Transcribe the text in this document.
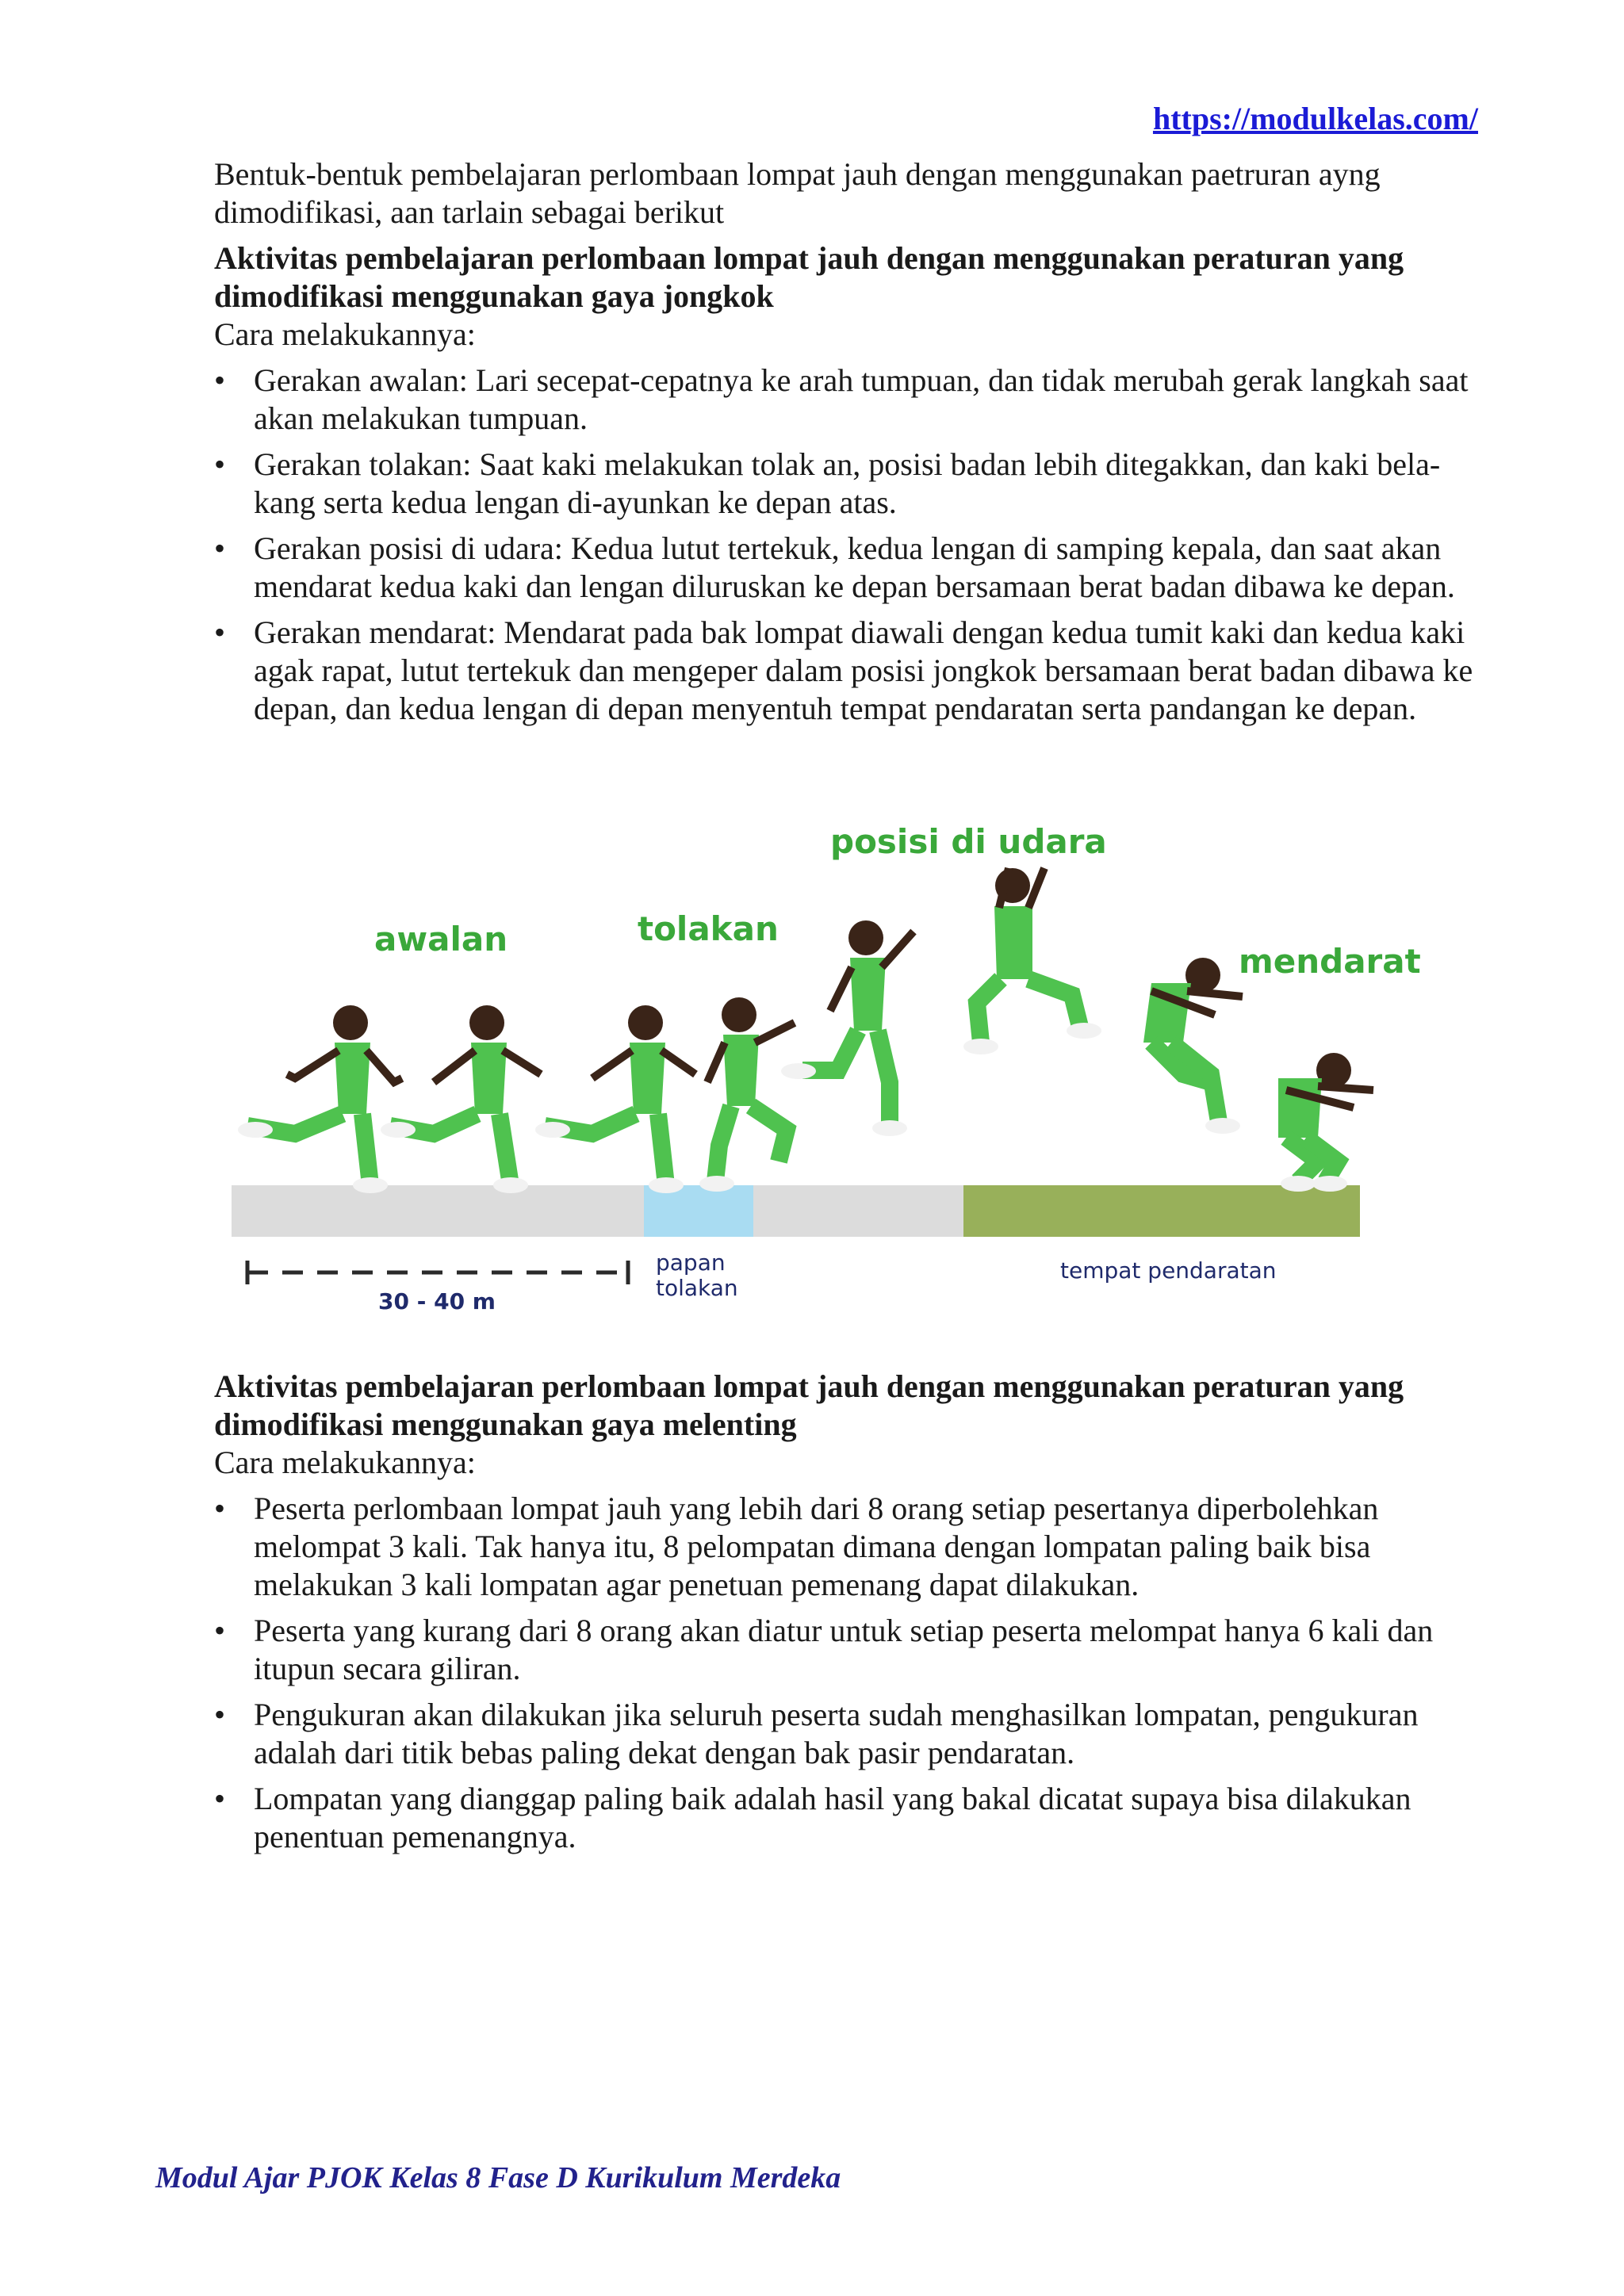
https://modulkelas.com/

Bentuk-bentuk pembelajaran perlombaan lompat jauh dengan menggunakan paetruran ayng dimodifikasi, aan tarlain sebagai berikut

Aktivitas pembelajaran perlombaan lompat jauh dengan menggunakan peraturan yang dimodifikasi menggunakan gaya jongkok

Cara melakukannya:

• Gerakan awalan: Lari secepat-cepatnya ke arah tumpuan, dan tidak merubah gerak langkah saat akan melakukan tumpuan.
• Gerakan tolakan: Saat kaki melakukan tolak an, posisi badan lebih ditegakkan, dan kaki bela-kang serta kedua lengan di-ayunkan ke depan atas.
• Gerakan posisi di udara: Kedua lutut tertekuk, kedua lengan di samping kepala, dan saat akan mendarat kedua kaki dan lengan diluruskan ke depan bersamaan berat badan dibawa ke depan.
• Gerakan mendarat: Mendarat pada bak lompat diawali dengan kedua tumit kaki dan kedua kaki agak rapat, lutut tertekuk dan mengeper dalam posisi jongkok bersamaan berat badan dibawa ke depan, dan kedua lengan di depan menyentuh tempat pendaratan serta pandangan ke depan.
awalan	tolakan
posisi di udara
mendarat
papan
tolakan
tempat pendaratan
30 - 40 m

Aktivitas pembelajaran perlombaan lompat jauh dengan menggunakan peraturan yang dimodifikasi menggunakan gaya melenting

Cara melakukannya:

• Peserta perlombaan lompat jauh yang lebih dari 8 orang setiap pesertanya diperbolehkan melompat 3 kali. Tak hanya itu, 8 pelompatan dimana dengan lompatan paling baik bisa melakukan 3 kali lompatan agar penetuan pemenang dapat dilakukan.
• Peserta yang kurang dari 8 orang akan diatur untuk setiap peserta melompat hanya 6 kali dan itupun secara giliran.
• Pengukuran akan dilakukan jika seluruh peserta sudah menghasilkan lompatan, pengukuran adalah dari titik bebas paling dekat dengan bak pasir pendaratan.
• Lompatan yang dianggap paling baik adalah hasil yang bakal dicatat supaya bisa dilakukan penentuan pemenangnya.
Modul Ajar PJOK Kelas 8 Fase D Kurikulum Merdeka
